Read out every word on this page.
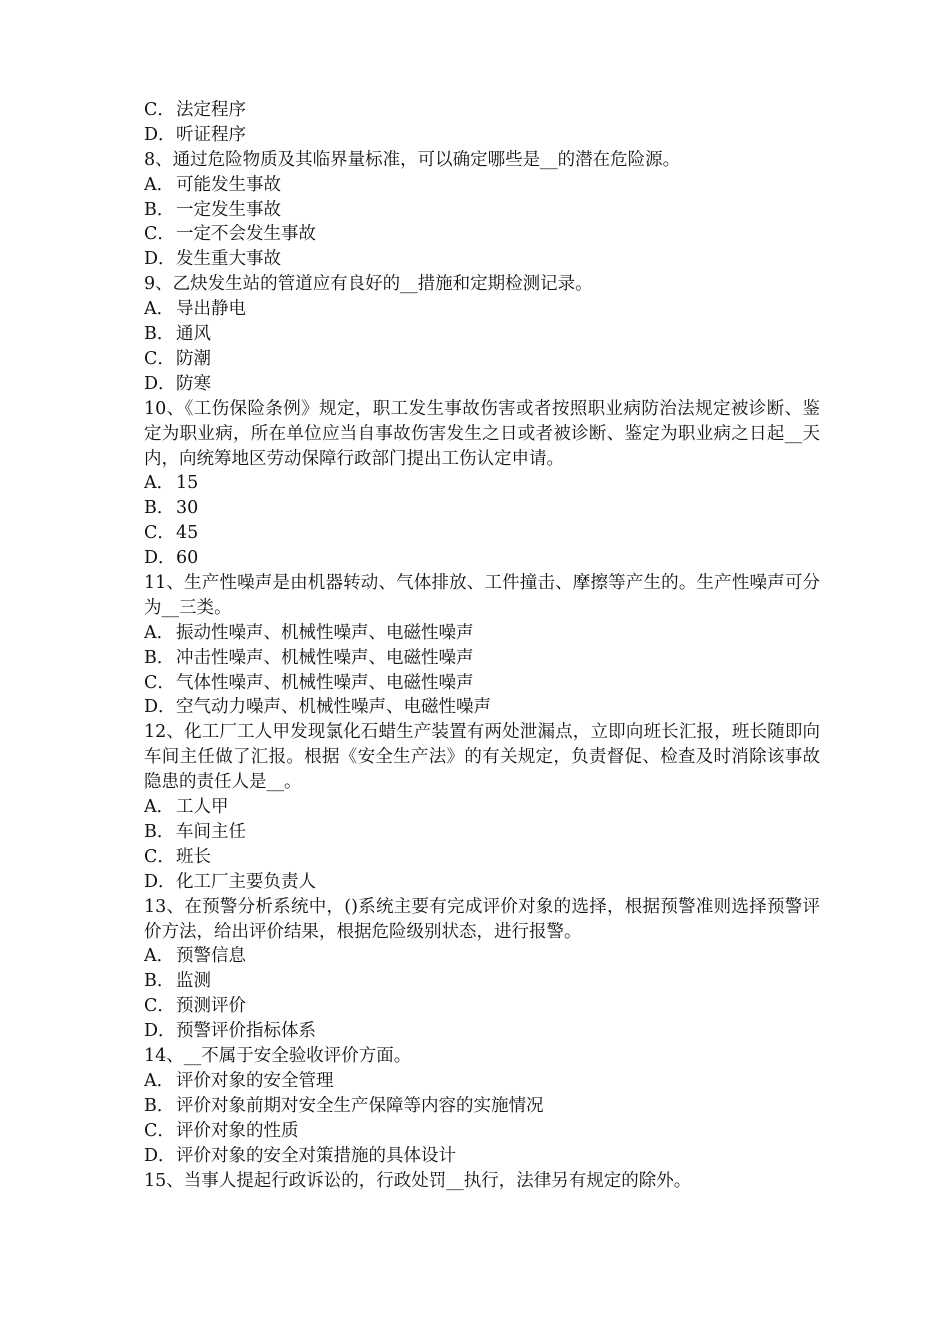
C．法定程序
D．听证程序
8、通过危险物质及其临界量标准，可以确定哪些是__的潜在危险源。
A． 可能发生事故
B．一定发生事故
C．一定不会发生事故
D．发生重大事故
9、乙炔发生站的管道应有良好的__措施和定期检测记录。
A． 导出静电
B．通风
C．防潮
D．防寒
10、《工伤保险条例》规定，职工发生事故伤害或者按照职业病防治法规定被诊断、鉴定为职业病，所在单位应当自事故伤害发生之日或者被诊断、鉴定为职业病之日起__天内，向统筹地区劳动保障行政部门提出工伤认定申请。
A． 15
B．30
C．45
D．60
11、生产性噪声是由机器转动、气体排放、工件撞击、摩擦等产生的。生产性噪声可分为__三类。
A． 振动性噪声、机械性噪声、电磁性噪声
B．冲击性噪声、机械性噪声、电磁性噪声
C．气体性噪声、机械性噪声、电磁性噪声
D．空气动力噪声、机械性噪声、电磁性噪声
12、化工厂工人甲发现氯化石蜡生产装置有两处泄漏点，立即向班长汇报，班长随即向车间主任做了汇报。根据《安全生产法》的有关规定，负责督促、检查及时消除该事故隐患的责任人是__。
A． 工人甲
B．车间主任
C．班长
D．化工厂主要负责人
13、在预警分析系统中，()系统主要有完成评价对象的选择，根据预警准则选择预警评价方法，给出评价结果，根据危险级别状态，进行报警。
A． 预警信息
B．监测
C．预测评价
D．预警评价指标体系
14、__不属于安全验收评价方面。
A． 评价对象的安全管理
B．评价对象前期对安全生产保障等内容的实施情况
C．评价对象的性质
D．评价对象的安全对策措施的具体设计
15、当事人提起行政诉讼的，行政处罚__执行，法律另有规定的除外。
